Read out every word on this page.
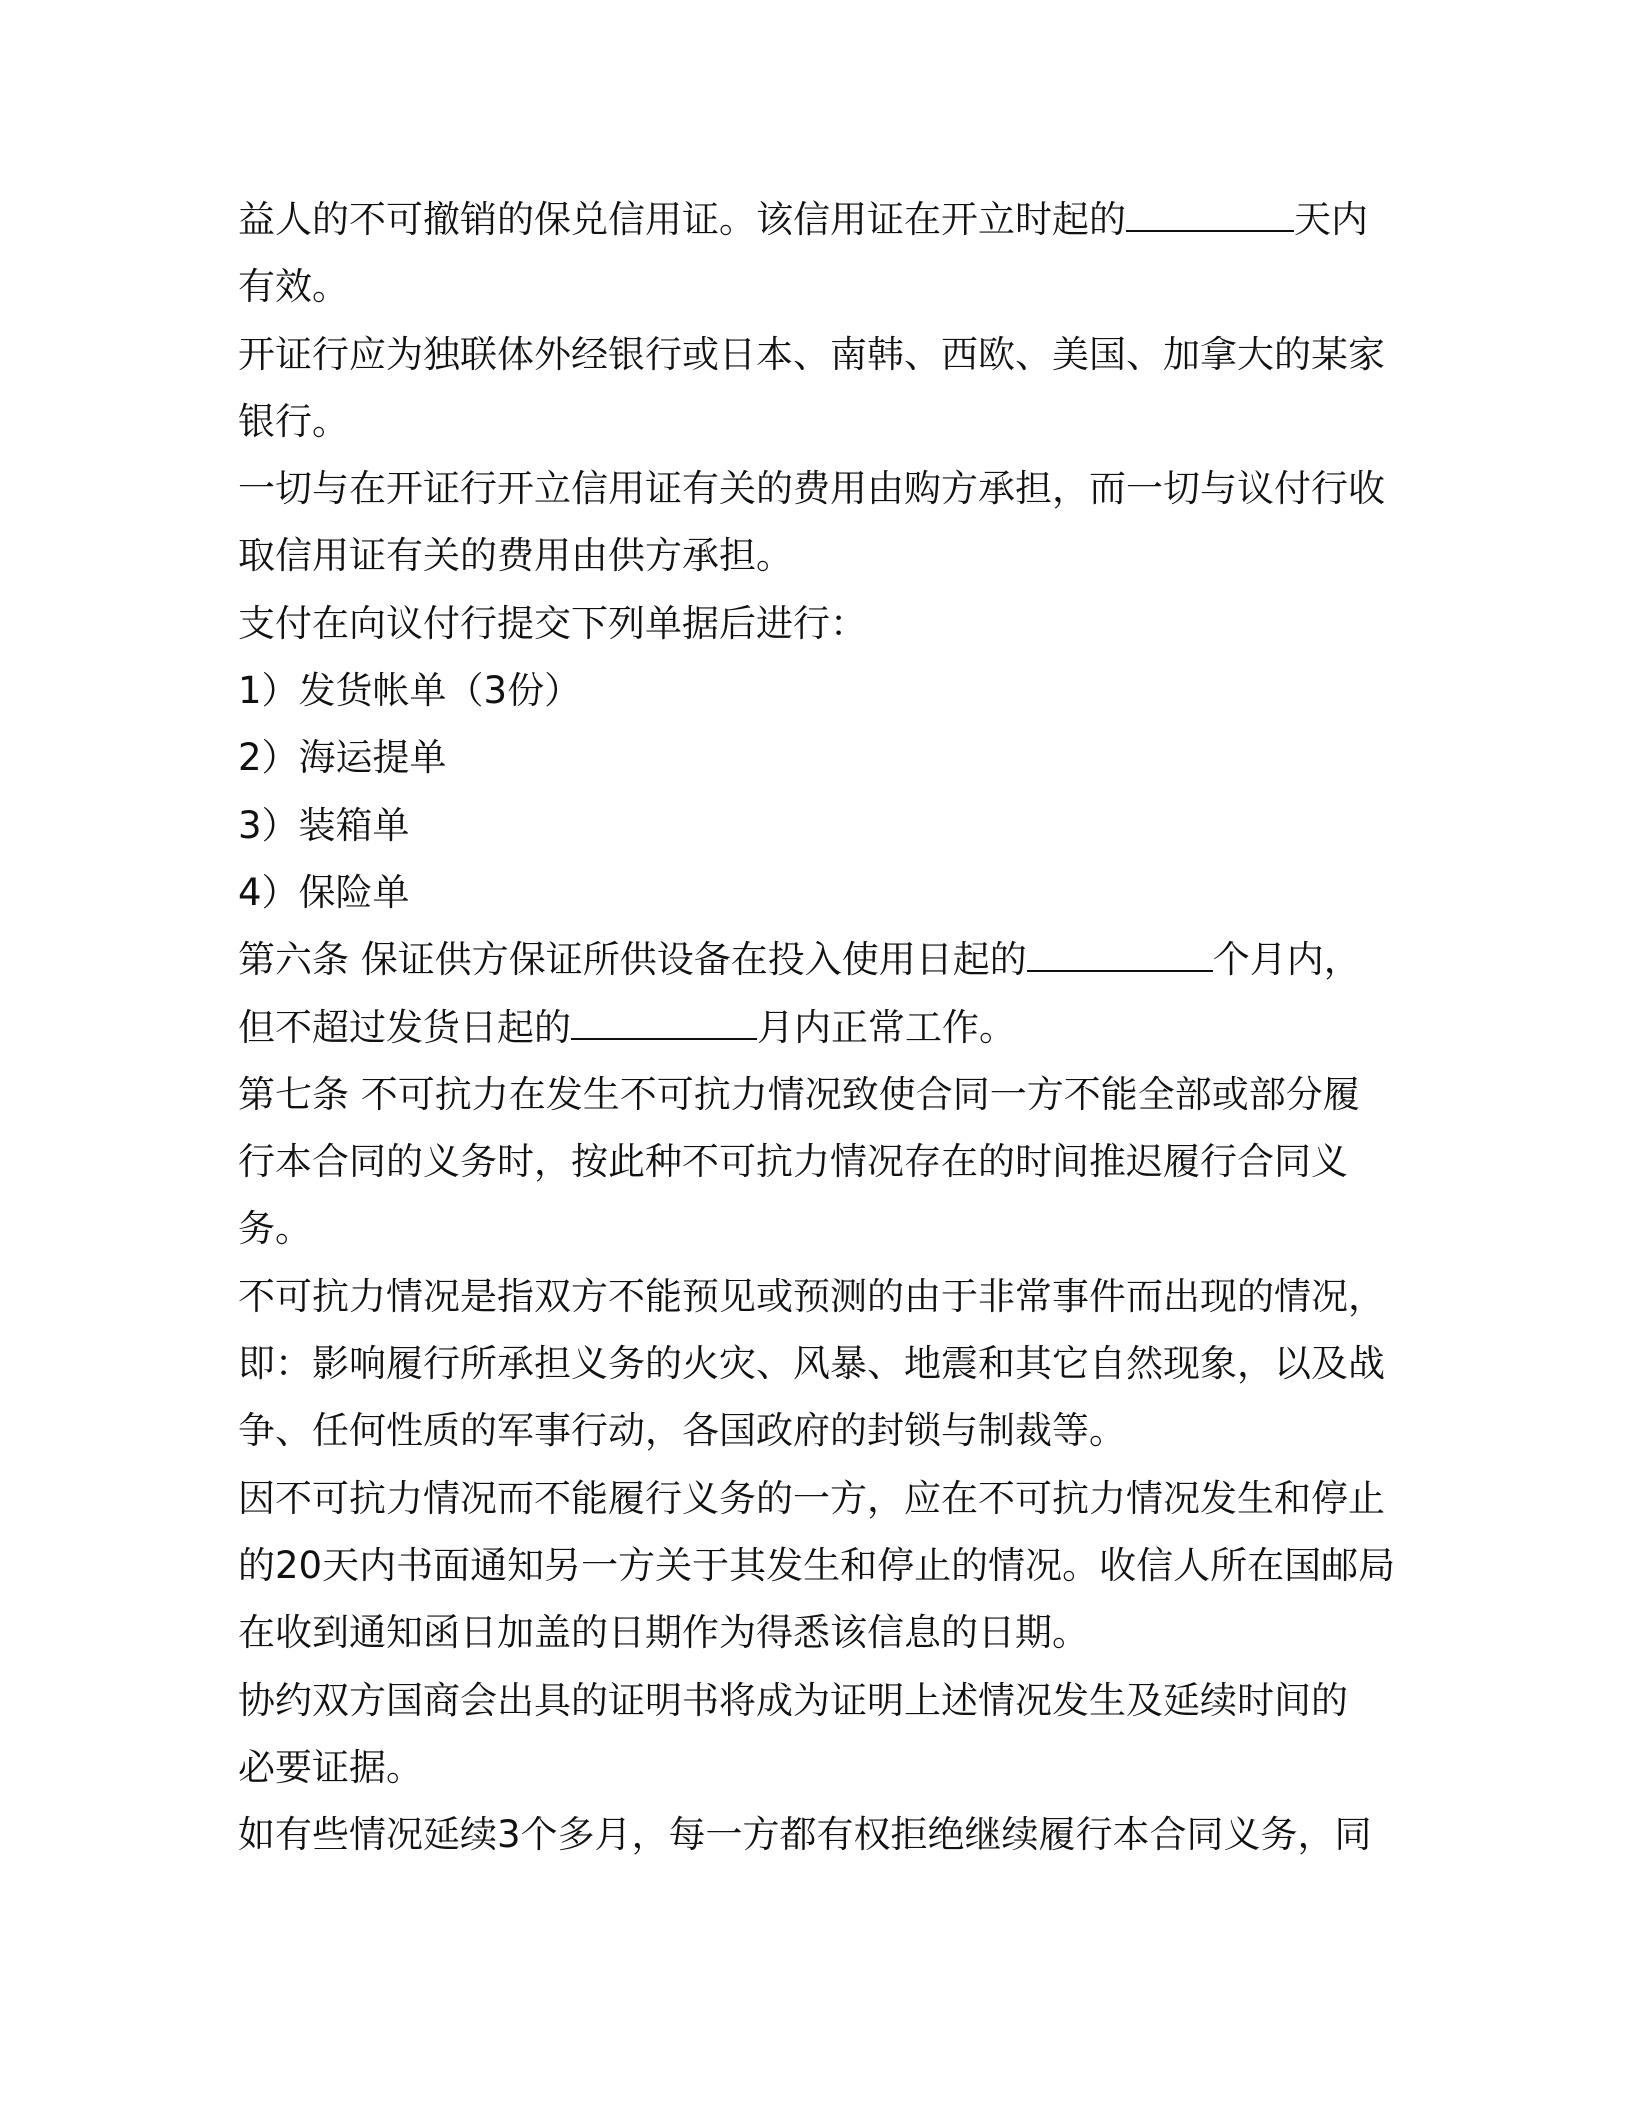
益人的不可撤销的保兑信用证。该信用证在开立时起的	天内
有效。
开证行应为独联体外经银行或日本、南韩、西欧、美国、加拿大的某家
银行。
一切与在开证行开立信用证有关的费用由购方承担，而一切与议付行收
取信用证有关的费用由供方承担。
支付在向议付行提交下列单据后进行：
1）发货帐单（3份）
2）海运提单
3）装箱单
4）保险单
第六条 保证供方保证所供设备在投入使用日起的	个月内，
但不超过发货日起的	月内正常工作。
第七条 不可抗力在发生不可抗力情况致使合同一方不能全部或部分履
行本合同的义务时，按此种不可抗力情况存在的时间推迟履行合同义
务。
不可抗力情况是指双方不能预见或预测的由于非常事件而出现的情况，
即：影响履行所承担义务的火灾、风暴、地震和其它自然现象，以及战
争、任何性质的军事行动，各国政府的封锁与制裁等。
因不可抗力情况而不能履行义务的一方，应在不可抗力情况发生和停止
的20天内书面通知另一方关于其发生和停止的情况。收信人所在国邮局
在收到通知函日加盖的日期作为得悉该信息的日期。
协约双方国商会出具的证明书将成为证明上述情况发生及延续时间的
必要证据。
如有些情况延续3个多月，每一方都有权拒绝继续履行本合同义务，同
